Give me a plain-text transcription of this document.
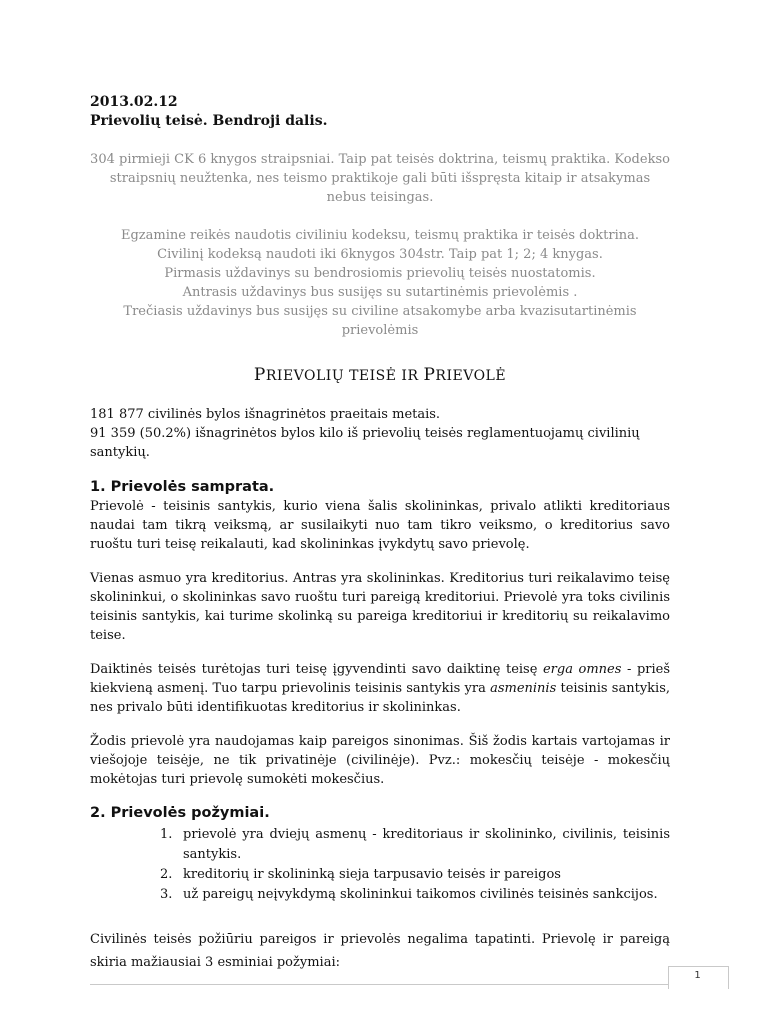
2013.02.12

Prievolių teisė. Bendroji dalis.

304 pirmieji CK 6 knygos straipsniai. Taip pat teisės doktrina, teismų praktika. Kodekso straipsnių neužtenka, nes teismo praktikoje gali būti išspręsta kitaip ir atsakymas nebus teisingas.

Egzamine reikės naudotis civiliniu kodeksu, teismų praktika ir teisės doktrina.

Civilinį kodeksą naudoti iki 6knygos 304str. Taip pat 1; 2; 4 knygas.

Pirmasis uždavinys su bendrosiomis prievolių teisės nuostatomis.

Antrasis uždavinys bus susijęs su sutartinėmis prievolėmis .

Trečiasis uždavinys bus susijęs su civiline atsakomybe arba kvazisutartinėmis prievolėmis

PRIEVOLIŲ TEISĖ IR PRIEVOLĖ

181 877 civilinės bylos išnagrinėtos praeitais metais.

91 359 (50.2%) išnagrinėtos bylos kilo iš prievolių teisės reglamentuojamų civilinių santykių.

1. Prievolės samprata.

Prievolė - teisinis santykis, kurio viena šalis skolininkas, privalo atlikti kreditoriaus naudai tam tikrą veiksmą, ar susilaikyti nuo tam tikro veiksmo, o kreditorius savo ruoštu turi teisę reikalauti, kad skolininkas įvykdytų savo prievolę.

Vienas asmuo yra kreditorius. Antras yra skolininkas. Kreditorius turi reikalavimo teisę skolininkui, o skolininkas savo ruoštu turi pareigą kreditoriui. Prievolė yra toks civilinis teisinis santykis, kai turime skolinką su pareiga kreditoriui ir kreditorių su reikalavimo teise.

Daiktinės teisės turėtojas turi teisę įgyvendinti savo daiktinę teisę erga omnes - prieš kiekvieną asmenį. Tuo tarpu prievolinis teisinis santykis yra asmeninis teisinis santykis, nes privalo būti identifikuotas kreditorius ir skolininkas.

Žodis prievolė yra naudojamas kaip pareigos sinonimas. Šiš žodis kartais vartojamas ir viešojoje teisėje, ne tik privatinėje (civilinėje). Pvz.: mokesčių teisėje - mokesčių mokėtojas turi prievolę sumokėti mokesčius.

2. Prievolės požymiai.
1. prievolė yra dviejų asmenų - kreditoriaus ir skolininko, civilinis, teisinis santykis.
2. kreditorių ir skolininką sieja tarpusavio teisės ir pareigos
3. už pareigų neįvykdymą skolininkui taikomos civilinės teisinės sankcijos.

Civilinės teisės požiūriu pareigos ir prievolės negalima tapatinti. Prievolę ir pareigą skiria mažiausiai 3 esminiai požymiai:

1
